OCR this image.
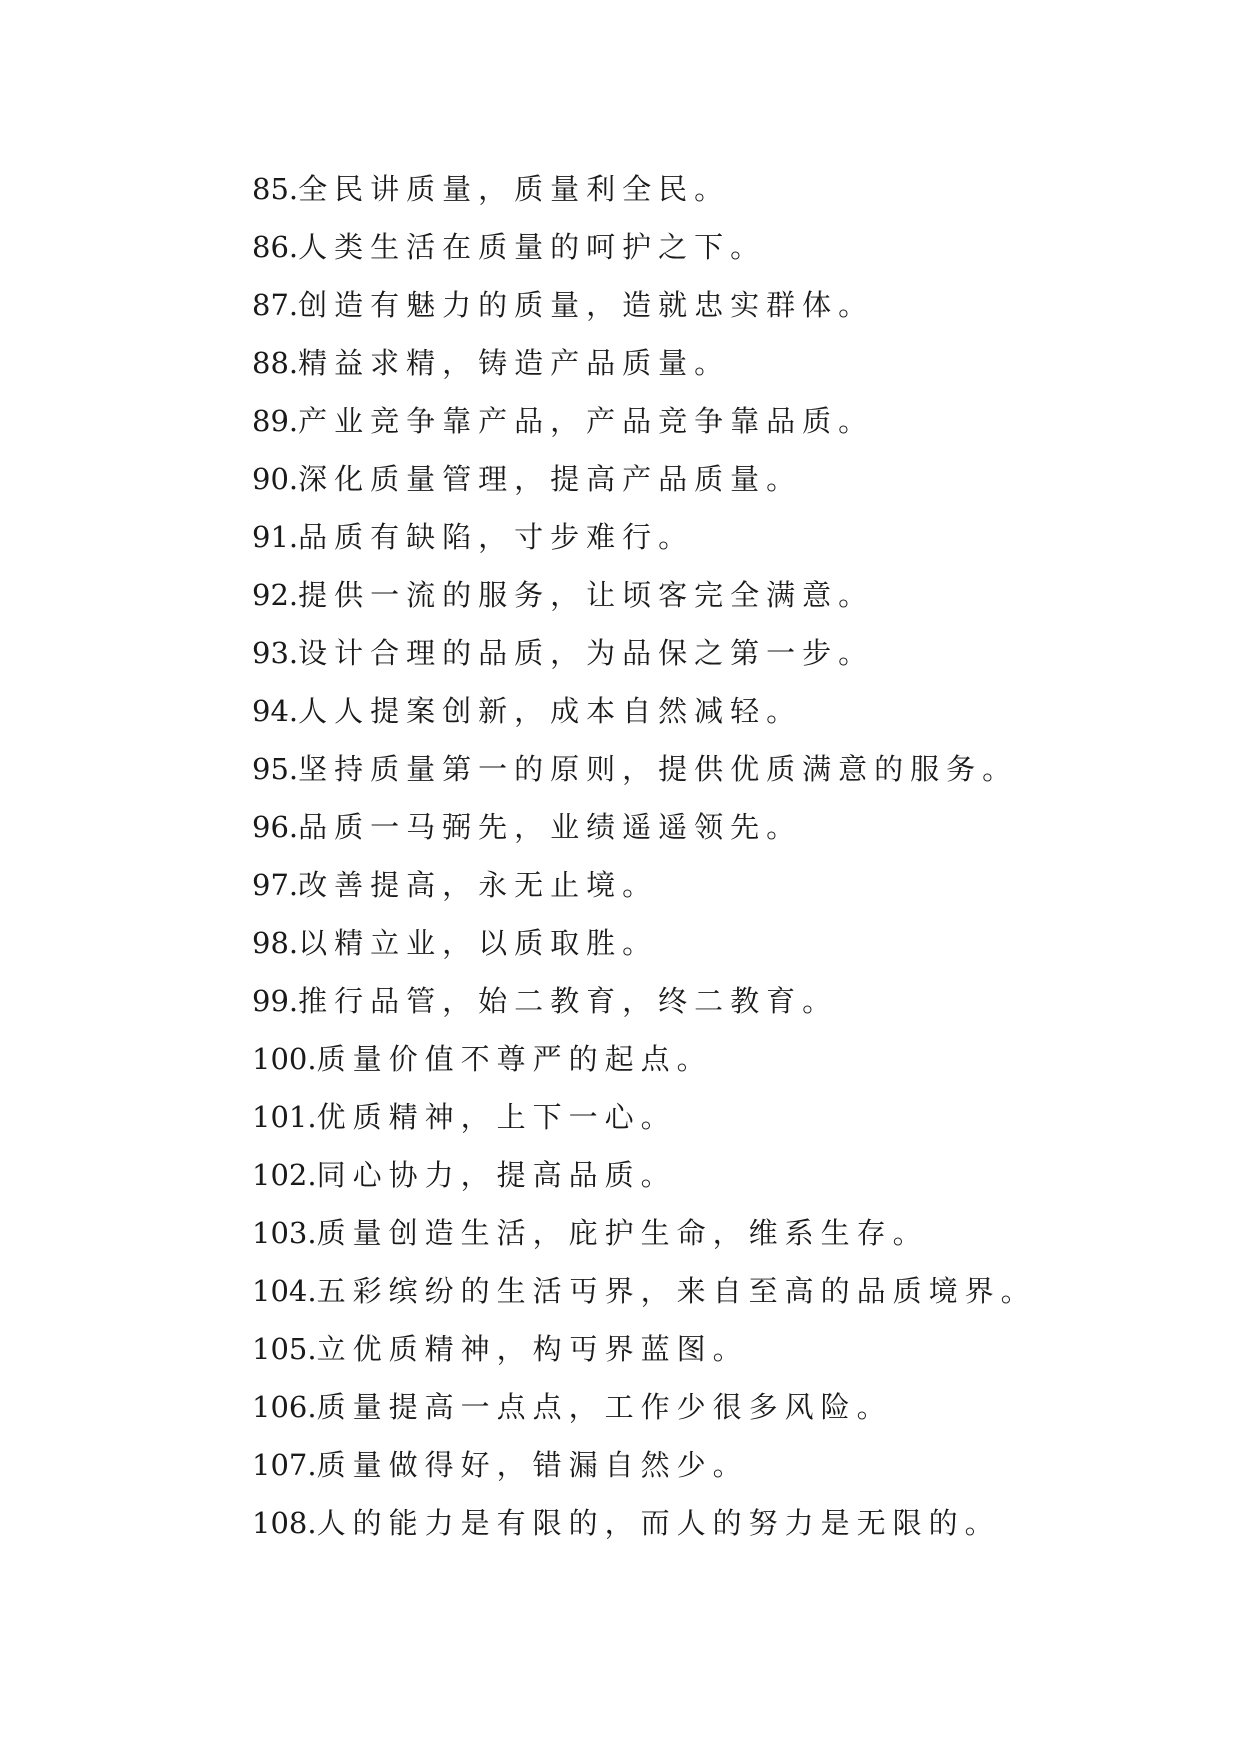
85.全民讲质量，质量利全民。
86.人类生活在质量的呵护之下。
87.创造有魅力的质量，造就忠实群体。
88.精益求精，铸造产品质量。
89.产业竞争靠产品，产品竞争靠品质。
90.深化质量管理，提高产品质量。
91.品质有缺陷，寸步难行。
92.提供一流的服务，让顷客完全满意。
93.设计合理的品质，为品保之第一步。
94.人人提案创新，成本自然减轻。
95.坚持质量第一的原则，提供优质满意的服务。
96.品质一马弼先，业绩遥遥领先。
97.改善提高，永无止境。
98.以精立业，以质取胜。
99.推行品管，始二教育，终二教育。
100.质量价值不尊严的起点。
101.优质精神，上下一心。
102.同心协力，提高品质。
103.质量创造生活，庇护生命，维系生存。
104.五彩缤纷的生活丏界，来自至高的品质境界。
105.立优质精神，构丏界蓝图。
106.质量提高一点点，工作少很多风险。
107.质量做得好，错漏自然少。
108.人的能力是有限的，而人的努力是无限的。
